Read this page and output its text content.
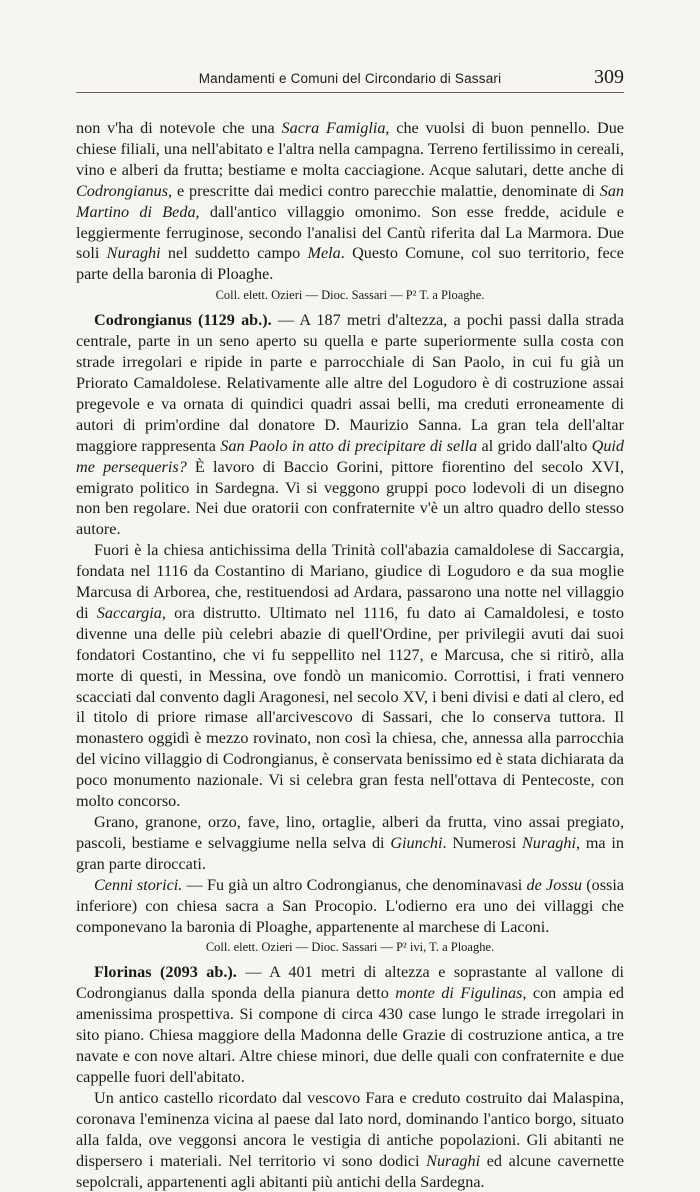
Mandamenti e Comuni del Circondario di Sassari	309

non v'ha di notevole che una Sacra Famiglia, che vuolsi di buon pennello. Due chiese filiali, una nell'abitato e l'altra nella campagna. Terreno fertilissimo in cereali, vino e alberi da frutta; bestiame e molta cacciagione. Acque salutari, dette anche di Codrongianus, e prescritte dai medici contro parecchie malattie, denominate di San Martino di Beda, dall'antico villaggio omonimo. Son esse fredde, acidule e leggiermente ferruginose, secondo l'analisi del Cantù riferita dal La Marmora. Due soli Nuraghi nel suddetto campo Mela. Questo Comune, col suo territorio, fece parte della baronia di Ploaghe.

Coll. elett. Ozieri — Dioc. Sassari — P² T. a Ploaghe.

Codrongianus (1129 ab.). — A 187 metri d'altezza, a pochi passi dalla strada centrale, parte in un seno aperto su quella e parte superiormente sulla costa con strade irregolari e ripide in parte e parrocchiale di San Paolo, in cui fu già un Priorato Camaldolese. Relativamente alle altre del Logudoro è di costruzione assai pregevole e va ornata di quindici quadri assai belli, ma creduti erroneamente di autori di prim'ordine dal donatore D. Maurizio Sanna. La gran tela dell'altar maggiore rappresenta San Paolo in atto di precipitare di sella al grido dall'alto Quid me persequeris? È lavoro di Baccio Gorini, pittore fiorentino del secolo XVI, emigrato politico in Sardegna. Vi si veggono gruppi poco lodevoli di un disegno non ben regolare. Nei due oratorii con confraternite v'è un altro quadro dello stesso autore.

Fuori è la chiesa antichissima della Trinità coll'abazia camaldolese di Saccargia, fondata nel 1116 da Costantino di Mariano, giudice di Logudoro e da sua moglie Marcusa di Arborea, che, restituendosi ad Ardara, passarono una notte nel villaggio di Saccargia, ora distrutto. Ultimato nel 1116, fu dato ai Camaldolesi, e tosto divenne una delle più celebri abazie di quell'Ordine, per privilegii avuti dai suoi fondatori Costantino, che vi fu seppellito nel 1127, e Marcusa, che si ritirò, alla morte di questi, in Messina, ove fondò un manicomio. Corrottisi, i frati vennero scacciati dal convento dagli Aragonesi, nel secolo XV, i beni divisi e dati al clero, ed il titolo di priore rimase all'arcivescovo di Sassari, che lo conserva tuttora. Il monastero oggidì è mezzo rovinato, non così la chiesa, che, annessa alla parrocchia del vicino villaggio di Codrongianus, è conservata benissimo ed è stata dichiarata da poco monumento nazionale. Vi si celebra gran festa nell'ottava di Pentecoste, con molto concorso.

Grano, granone, orzo, fave, lino, ortaglie, alberi da frutta, vino assai pregiato, pascoli, bestiame e selvaggiume nella selva di Giunchi. Numerosi Nuraghi, ma in gran parte diroccati.

Cenni storici. — Fu già un altro Codrongianus, che denominavasi de Jossu (ossia inferiore) con chiesa sacra a San Procopio. L'odierno era uno dei villaggi che componevano la baronia di Ploaghe, appartenente al marchese di Laconi.

Coll. elett. Ozieri — Dioc. Sassari — P² ivi, T. a Ploaghe.

Florinas (2093 ab.). — A 401 metri di altezza e soprastante al vallone di Codrongianus dalla sponda della pianura detto monte di Figulinas, con ampia ed amenissima prospettiva. Si compone di circa 430 case lungo le strade irregolari in sito piano. Chiesa maggiore della Madonna delle Grazie di costruzione antica, a tre navate e con nove altari. Altre chiese minori, due delle quali con confraternite e due cappelle fuori dell'abitato.

Un antico castello ricordato dal vescovo Fara e creduto costruito dai Malaspina, coronava l'eminenza vicina al paese dal lato nord, dominando l'antico borgo, situato alla falda, ove veggonsi ancora le vestigia di antiche popolazioni. Gli abitanti ne dispersero i materiali. Nel territorio vi sono dodici Nuraghi ed alcune cavernette sepolcrali, appartenenti agli abitanti più antichi della Sardegna.
